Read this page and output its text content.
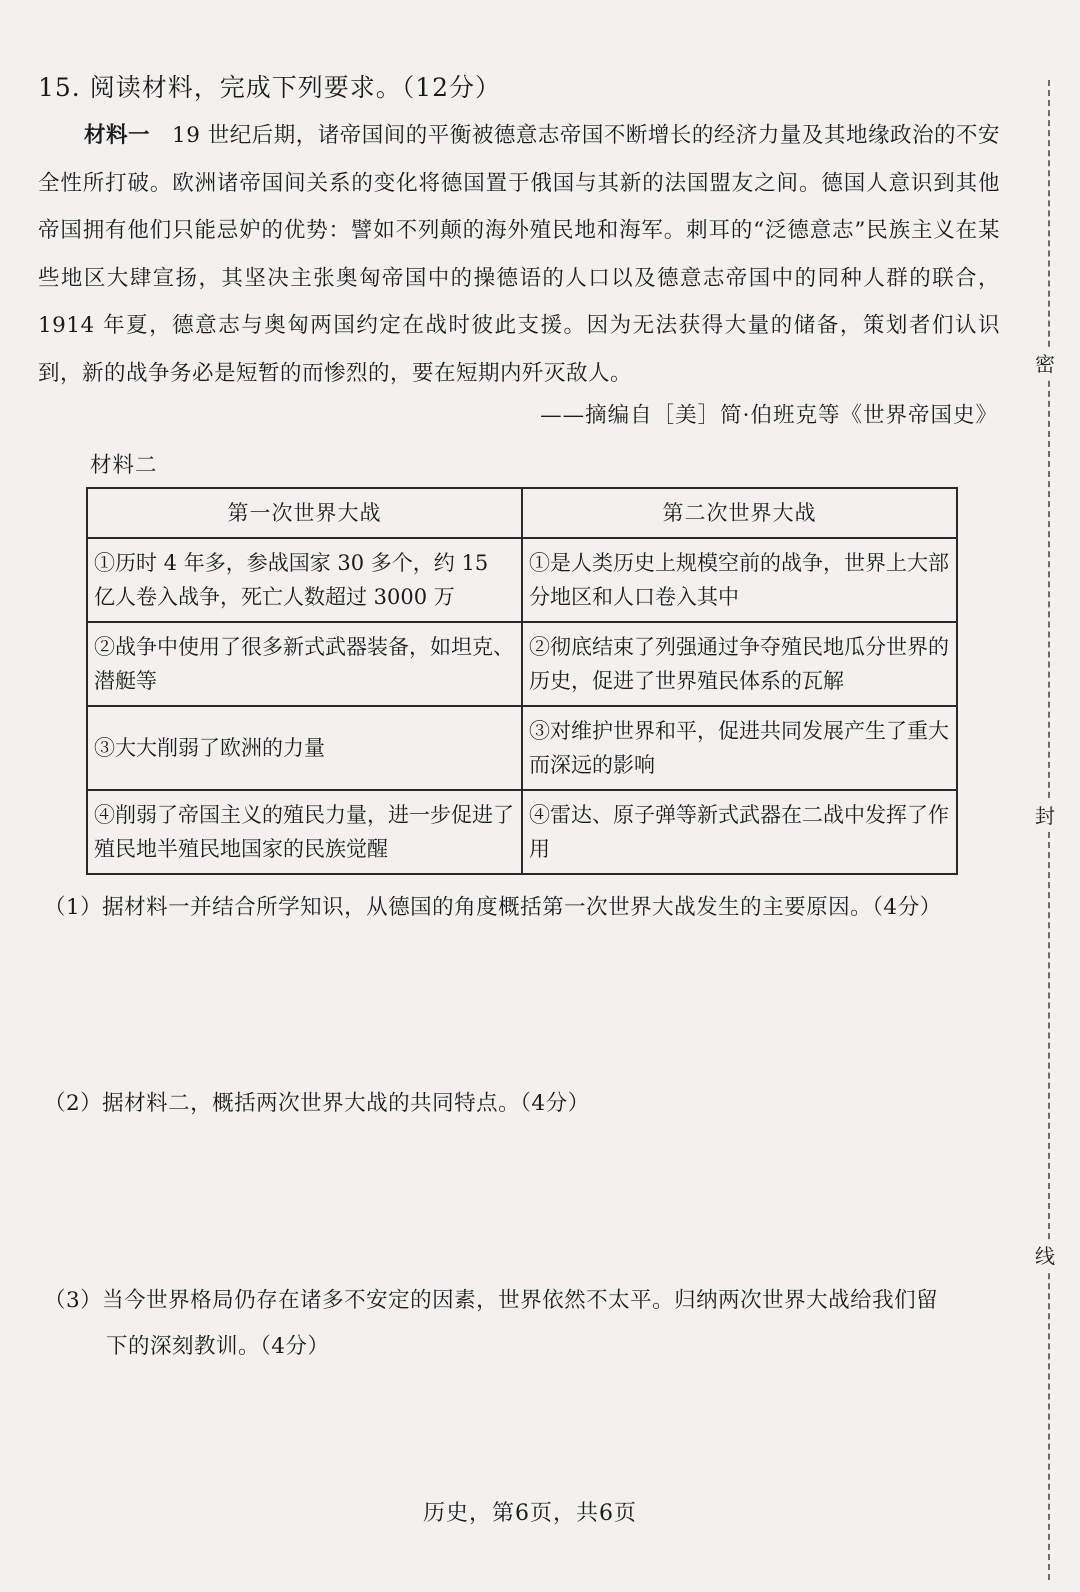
15. 阅读材料，完成下列要求。（12分）
材料一 19 世纪后期，诸帝国间的平衡被德意志帝国不断增长的经济力量及其地缘政治的不安全性所打破。欧洲诸帝国间关系的变化将德国置于俄国与其新的法国盟友之间。德国人意识到其他帝国拥有他们只能忌妒的优势：譬如不列颠的海外殖民地和海军。刺耳的“泛德意志”民族主义在某些地区大肆宣扬，其坚决主张奥匈帝国中的操德语的人口以及德意志帝国中的同种人群的联合，1914 年夏，德意志与奥匈两国约定在战时彼此支援。因为无法获得大量的储备，策划者们认识到，新的战争务必是短暂的而惨烈的，要在短期内歼灭敌人。
——摘编自［美］简·伯班克等《世界帝国史》
材料二
第一次世界大战	第二次世界大战
①历时 4 年多，参战国家 30 多个，约 15 亿人卷入战争，死亡人数超过 3000 万	①是人类历史上规模空前的战争，世界上大部分地区和人口卷入其中
②战争中使用了很多新式武器装备，如坦克、潜艇等	②彻底结束了列强通过争夺殖民地瓜分世界的历史，促进了世界殖民体系的瓦解
③大大削弱了欧洲的力量	③对维护世界和平，促进共同发展产生了重大而深远的影响
④削弱了帝国主义的殖民力量，进一步促进了殖民地半殖民地国家的民族觉醒	④雷达、原子弹等新式武器在二战中发挥了作用
（1）据材料一并结合所学知识，从德国的角度概括第一次世界大战发生的主要原因。（4分）
（2）据材料二，概括两次世界大战的共同特点。（4分）
（3）当今世界格局仍存在诸多不安定的因素，世界依然不太平。归纳两次世界大战给我们留
下的深刻教训。（4分）
历史，第6页，共6页
密
封
线
